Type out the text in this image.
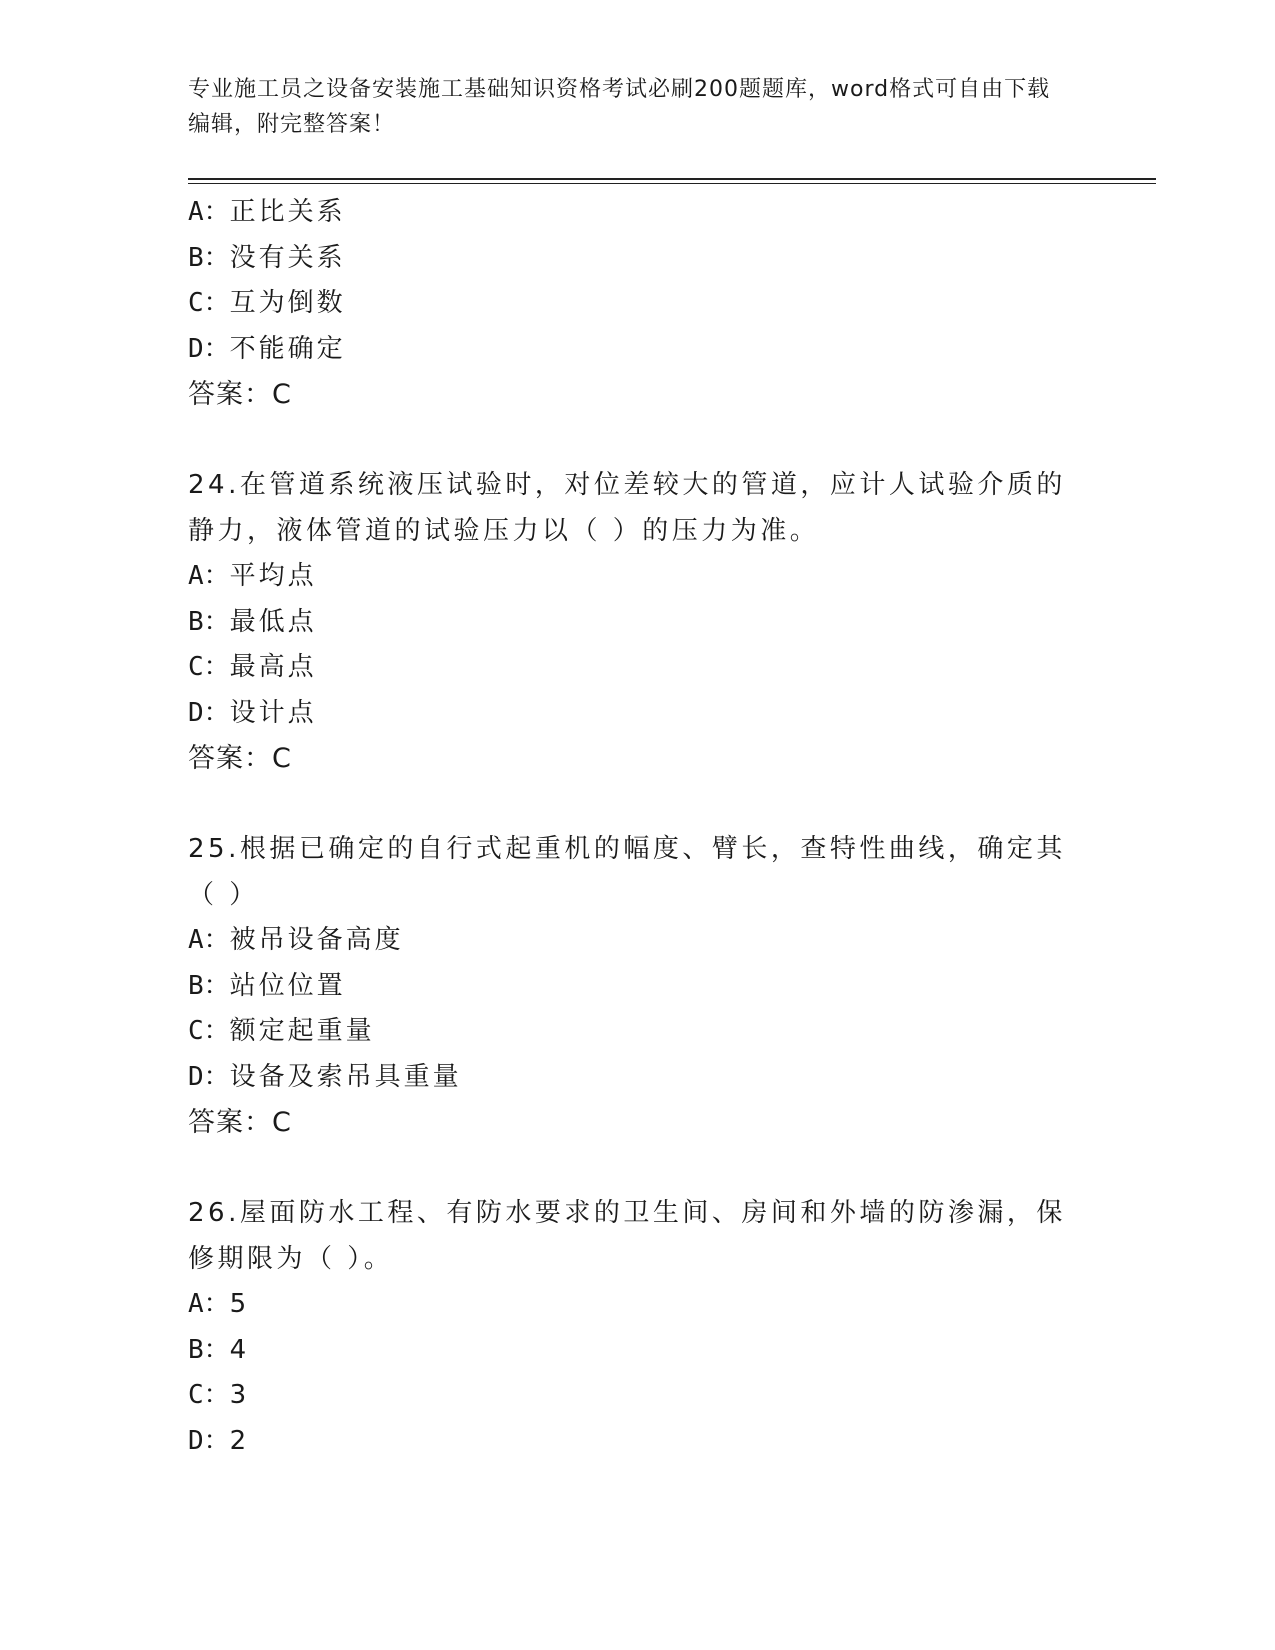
专业施工员之设备安装施工基础知识资格考试必刷200题题库，word格式可自由下载编辑，附完整答案！
A：正比关系
B：没有关系
C：互为倒数
D：不能确定
答案：C
24.在管道系统液压试验时，对位差较大的管道，应计人试验介质的静力，液体管道的试验压力以（ ）的压力为准。
A：平均点
B：最低点
C：最高点
D：设计点
答案：C
25.根据已确定的自行式起重机的幅度、臂长，查特性曲线，确定其（ ）
A：被吊设备高度
B：站位位置
C：额定起重量
D：设备及索吊具重量
答案：C
26.屋面防水工程、有防水要求的卫生间、房间和外墙的防渗漏，保修期限为（ ）。
A：5
B：4
C：3
D：2
